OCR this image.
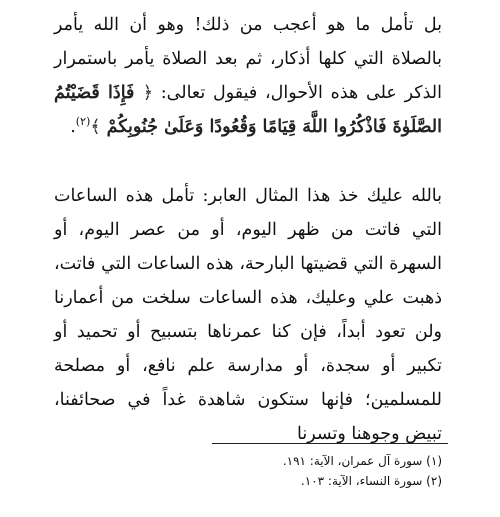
بل تأمل ما هو أعجب من ذلك! وهو أن الله يأمر بالصلاة التي كلها أذكار، ثم بعد الصلاة يأمر باستمرار الذكر على هذه الأحوال، فيقول تعالى: ﴿ فَإِذَا قَضَيْتُمُ الصَّلَوٰةَ فَاذْكُرُوا اللَّهَ قِيَامًا وَقُعُودًا وَعَلَىٰ جُنُوبِكُمْ ﴾$^{(٢)}$.

بالله عليك خذ هذا المثال العابر: تأمل هذه الساعات التي فاتت من ظهر اليوم، أو من عصر اليوم، أو السهرة التي قضيتها البارحة، هذه الساعات التي فاتت، ذهبت علي وعليك، هذه الساعات سلخت من أعمارنا ولن تعود أبداً، فإن كنا عمرناها بتسبيح أو تحميد أو تكبير أو سجدة، أو مدارسة علم نافع، أو مصلحة للمسلمين؛ فإنها ستكون شاهدة غداً في صحائفنا، تبيض وجوهنا وتسرنا

(١) سورة آل عمران، الآية: ١٩١.

(٢) سورة النساء، الآية: ١٠٣.
